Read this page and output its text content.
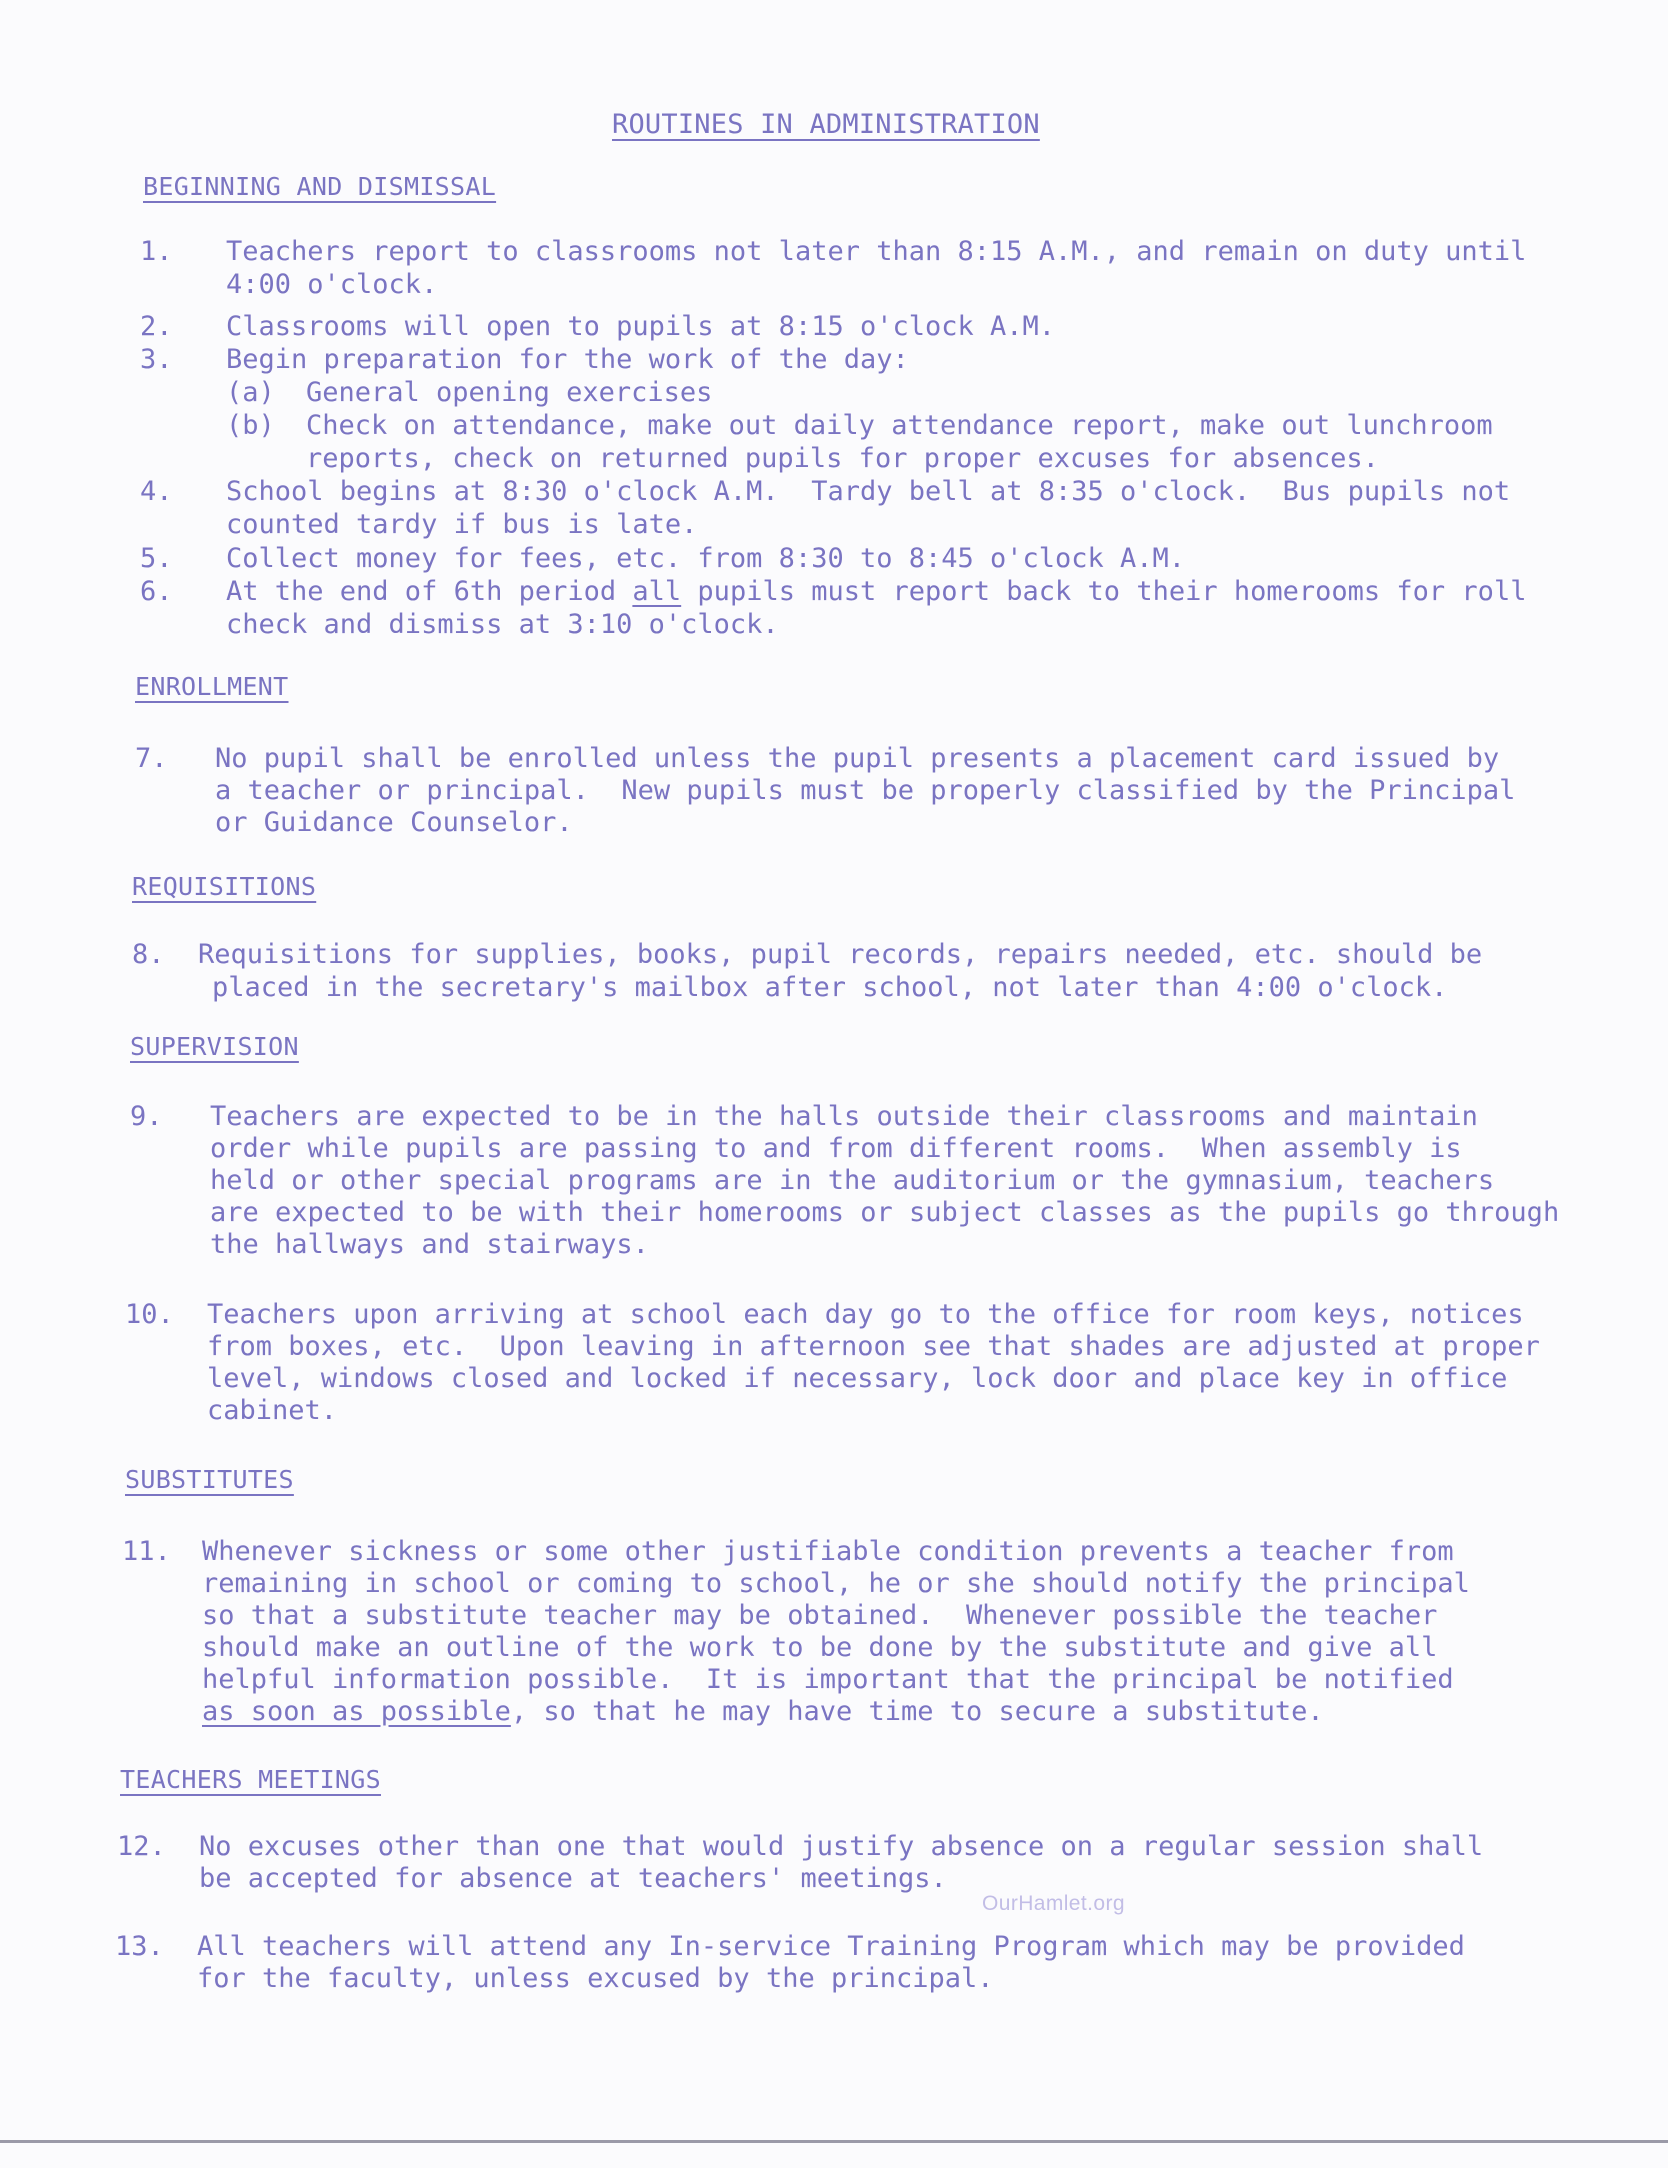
ROUTINES IN ADMINISTRATION
BEGINNING AND DISMISSAL
1. Teachers report to classrooms not later than 8:15 A.M., and remain on duty until
4:00 o'clock.
2. Classrooms will open to pupils at 8:15 o'clock A.M.
3. Begin preparation for the work of the day:
(a) General opening exercises
(b) Check on attendance, make out daily attendance report, make out lunchroom
reports, check on returned pupils for proper excuses for absences.
4. School begins at 8:30 o'clock A.M.  Tardy bell at 8:35 o'clock.  Bus pupils not
counted tardy if bus is late.
5. Collect money for fees, etc. from 8:30 to 8:45 o'clock A.M.
6. At the end of 6th period all pupils must report back to their homerooms for roll
check and dismiss at 3:10 o'clock.
ENROLLMENT
7. No pupil shall be enrolled unless the pupil presents a placement card issued by
a teacher or principal.  New pupils must be properly classified by the Principal
or Guidance Counselor.
REQUISITIONS
8. Requisitions for supplies, books, pupil records, repairs needed, etc. should be
placed in the secretary's mailbox after school, not later than 4:00 o'clock.
SUPERVISION
9. Teachers are expected to be in the halls outside their classrooms and maintain
order while pupils are passing to and from different rooms.  When assembly is
held or other special programs are in the auditorium or the gymnasium, teachers
are expected to be with their homerooms or subject classes as the pupils go through
the hallways and stairways.
10. Teachers upon arriving at school each day go to the office for room keys, notices
from boxes, etc.  Upon leaving in afternoon see that shades are adjusted at proper
level, windows closed and locked if necessary, lock door and place key in office
cabinet.
SUBSTITUTES
11. Whenever sickness or some other justifiable condition prevents a teacher from
remaining in school or coming to school, he or she should notify the principal
so that a substitute teacher may be obtained.  Whenever possible the teacher
should make an outline of the work to be done by the substitute and give all
helpful information possible.  It is important that the principal be notified
as soon as possible, so that he may have time to secure a substitute.
TEACHERS MEETINGS
12. No excuses other than one that would justify absence on a regular session shall
be accepted for absence at teachers' meetings.
13. All teachers will attend any In-service Training Program which may be provided
for the faculty, unless excused by the principal.
OurHamlet.org
